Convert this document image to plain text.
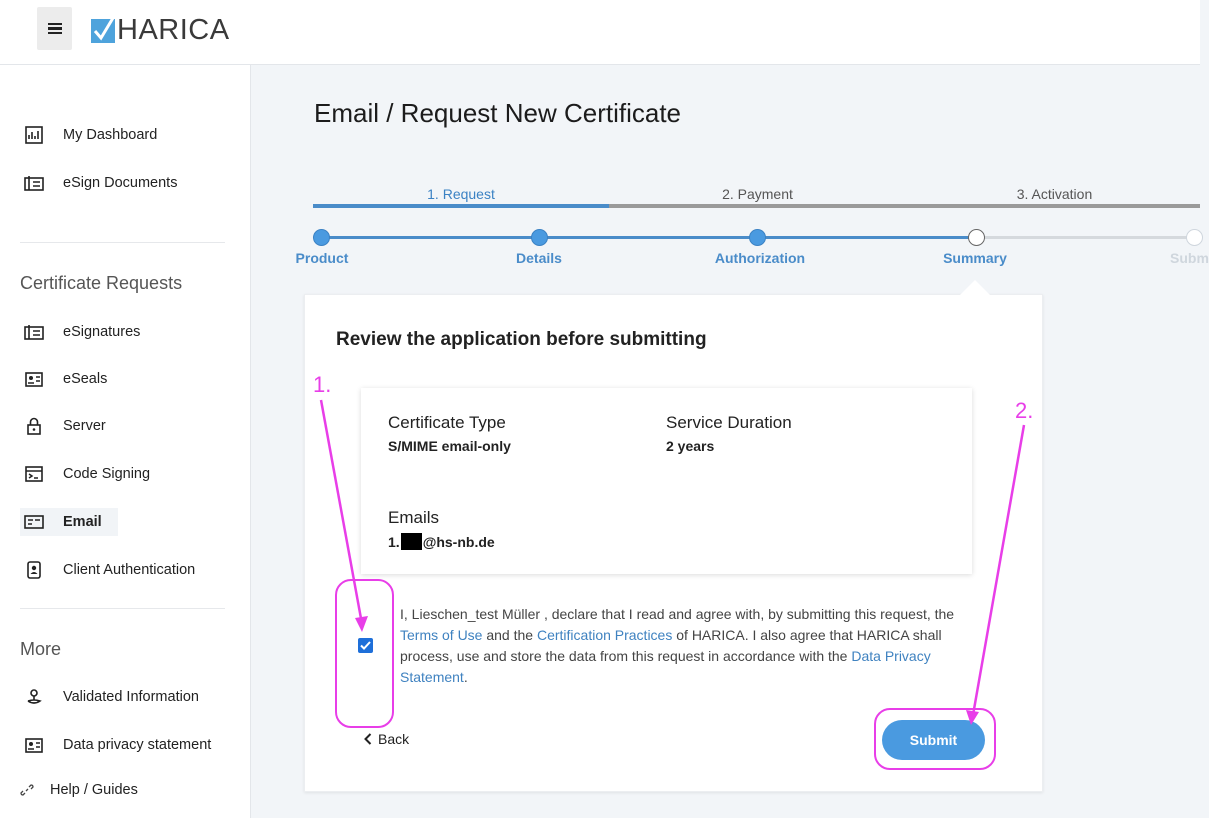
HARICA
My Dashboard
eSign Documents
Certificate Requests
eSignatures
eSeals
Server
Code Signing
Email
Client Authentication
More
Validated Information
Data privacy statement
Help / Guides
Email / Request New Certificate
1. Request	2. Payment	3. Activation
Product	Details	Authorization	Summary	Subm
Review the application before submitting
Certificate Type
S/MIME email-only
Service Duration
2 years
Emails
1. @hs-nb.de
I, Lieschen_test Müller , declare that I read and agree with, by submitting this request, the Terms of Use and the Certification Practices of HARICA. I also agree that HARICA shall process, use and store the data from this request in accordance with the Data Privacy Statement.
Back	Submit
1.
2.
